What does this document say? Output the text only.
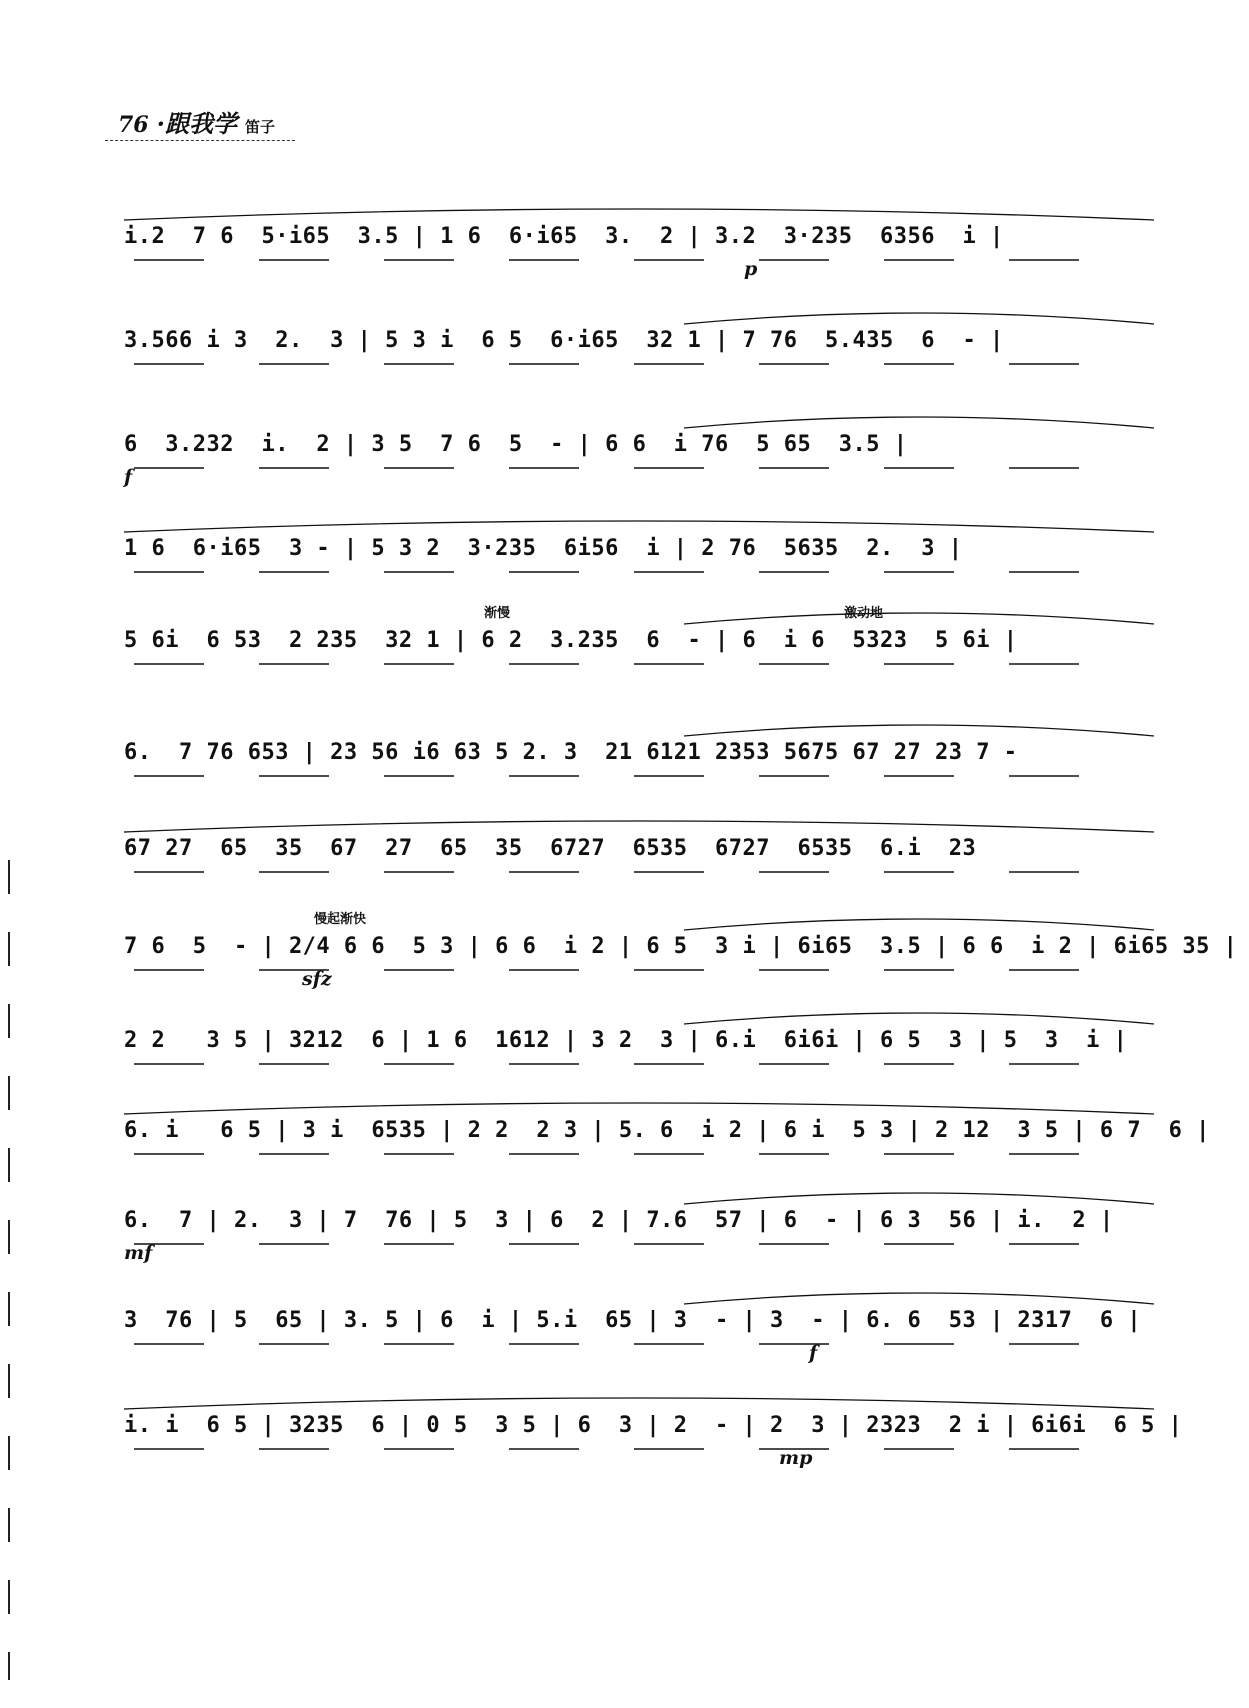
76 ·跟我学 笛子
i.2  7 6  5·i65  3.5 | 1 6  6·i65  3.  2 | 3.2  3·235  6356  i |
p
3.566 i 3  2.  3 | 5 3 i  6 5  6·i65  32 1 | 7 76  5.435  6  - |
6  3.232  i.  2 | 3 5  7 6  5  - | 6 6  i 76  5 65  3.5 |
f
1 6  6·i65  3 - | 5 3 2  3·235  6i56  i | 2 76  5635  2.  3 |
5 6i  6 53  2 235  32 1 | 6 2  3.235  6  - | 6  i 6  5323  5 6i |
渐慢	激动地
6.  7 76 653 | 23 56 i6 63 5 2. 3  21 6121 2353 5675 67 27 23 7 -
67 27  65  35  67  27  65  35  6727  6535  6727  6535  6.i  23
7 6  5  - | 2/4 6 6  5 3 | 6 6  i 2 | 6 5  3 i | 6i65  3.5 | 6 6  i 2 | 6i65 35 |
sfz
慢起渐快
2 2   3 5 | 3212  6 | 1 6  1612 | 3 2  3 | 6.i  6i6i | 6 5  3 | 5  3  i |
6. i   6 5 | 3 i  6535 | 2 2  2 3 | 5. 6  i 2 | 6 i  5 3 | 2 12  3 5 | 6 7  6 |
6.  7 | 2.  3 | 7  76 | 5  3 | 6  2 | 7.6  57 | 6  - | 6 3  56 | i.  2 |
mf
3  76 | 5  65 | 3. 5 | 6  i | 5.i  65 | 3  - | 3  - | 6. 6  53 | 2317  6 |
f
i. i  6 5 | 3235  6 | 0 5  3 5 | 6  3 | 2  - | 2  3 | 2323  2 i | 6i6i  6 5 |
mp
